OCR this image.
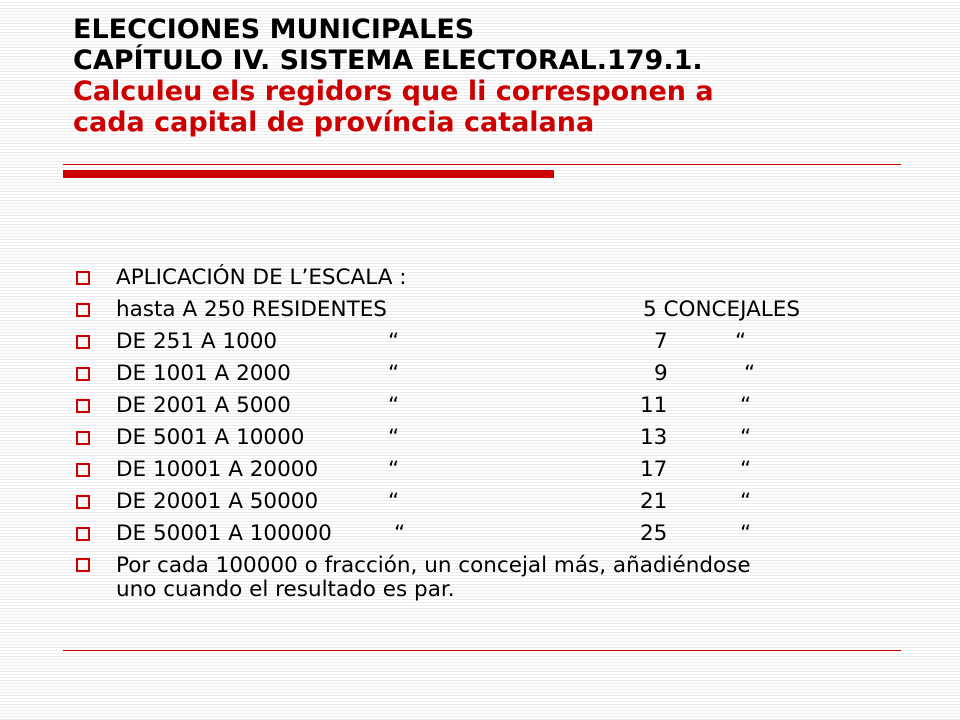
ELECCIONES MUNICIPALES
CAPÍTULO IV. SISTEMA ELECTORAL.179.1.
Calculeu els regidors que li corresponen a
cada capital de província catalana
APLICACIÓN DE L’ESCALA :
hasta A 250 RESIDENTES	5 CONCEJALES
DE 251 A 1000	“	7	“
DE 1001 A 2000	“	9	“
DE 2001 A 5000	“	11	“
DE 5001 A 10000	“	13	“
DE 10001 A 20000	“	17	“
DE 20001 A 50000	“	21	“
DE 50001 A 100000	“	25	“
Por cada 100000 o fracción, un concejal más, añadiéndose uno cuando el resultado es par.
